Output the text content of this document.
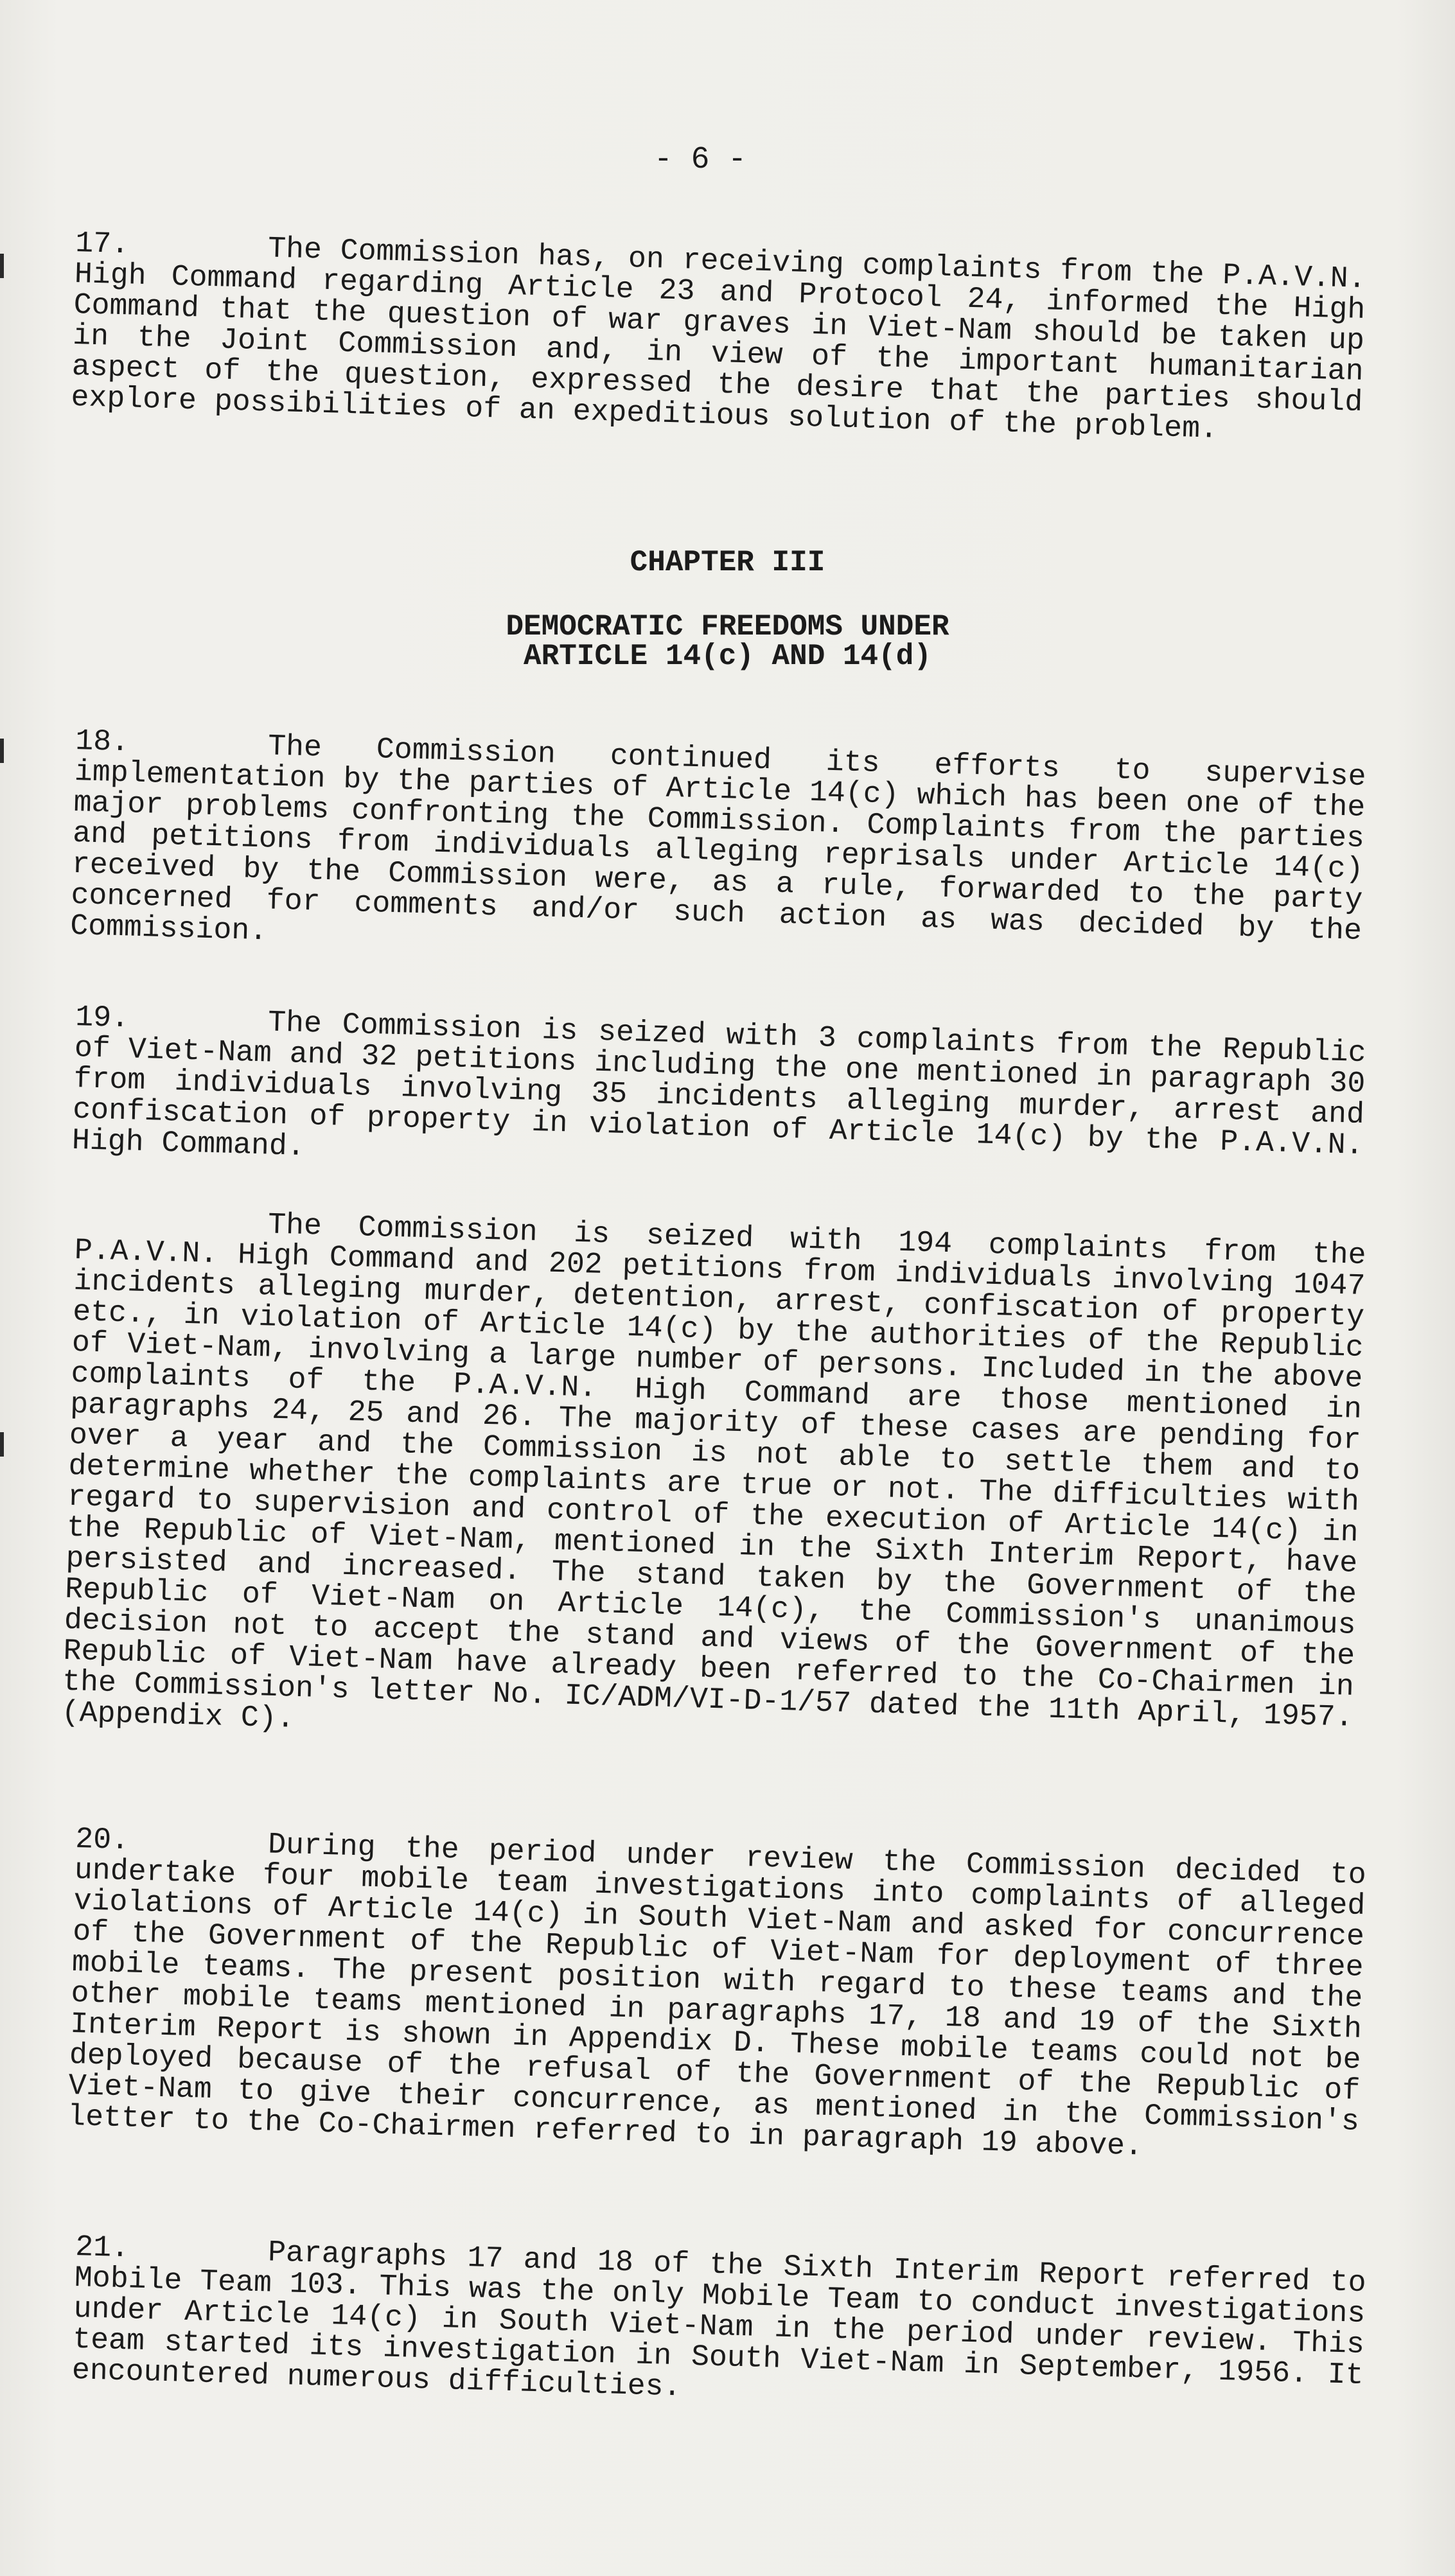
- 6 -

17.	The Commission has, on receiving complaints from the P.A.V.N. High Command regarding Article 23 and Protocol 24, informed the High Command that the question of war graves in Viet-Nam should be taken up in the Joint Commission and, in view of the important humanitarian aspect of the question, expressed the desire that the parties should explore possibilities of an expeditious solution of the problem.

CHAPTER III
DEMOCRATIC FREEDOMS UNDER
ARTICLE 14(c) AND 14(d)

18.	The Commission continued its efforts to supervise implementation by the parties of Article 14(c) which has been one of the major problems confronting the Commission. Complaints from the parties and petitions from individuals alleging reprisals under Article 14(c) received by the Commission were, as a rule, forwarded to the party concerned for comments and/or such action as was decided by the Commission.

19.	The Commission is seized with 3 complaints from the Republic of Viet-Nam and 32 petitions including the one mentioned in paragraph 30 from individuals involving 35 incidents alleging murder, arrest and confiscation of property in violation of Article 14(c) by the P.A.V.N. High Command.

The Commission is seized with 194 complaints from the P.A.V.N. High Command and 202 petitions from individuals involving 1047 incidents alleging murder, detention, arrest, confiscation of property etc., in violation of Article 14(c) by the authorities of the Republic of Viet-Nam, involving a large number of persons. Included in the above complaints of the P.A.V.N. High Command are those mentioned in paragraphs 24, 25 and 26. The majority of these cases are pending for over a year and the Commission is not able to settle them and to determine whether the complaints are true or not. The difficulties with regard to supervision and control of the execution of Article 14(c) in the Republic of Viet-Nam, mentioned in the Sixth Interim Report, have persisted and increased. The stand taken by the Government of the Republic of Viet-Nam on Article 14(c), the Commission's unanimous decision not to accept the stand and views of the Government of the Republic of Viet-Nam have already been referred to the Co-Chairmen in the Commission's letter No. IC/ADM/VI-D-1/57 dated the 11th April, 1957. (Appendix C).

20.	During the period under review the Commission decided to undertake four mobile team investigations into complaints of alleged violations of Article 14(c) in South Viet-Nam and asked for concurrence of the Government of the Republic of Viet-Nam for deployment of three mobile teams. The present position with regard to these teams and the other mobile teams mentioned in paragraphs 17, 18 and 19 of the Sixth Interim Report is shown in Appendix D. These mobile teams could not be deployed because of the refusal of the Government of the Republic of Viet-Nam to give their concurrence, as mentioned in the Commission's letter to the Co-Chairmen referred to in paragraph 19 above.

21.	Paragraphs 17 and 18 of the Sixth Interim Report referred to Mobile Team 103. This was the only Mobile Team to conduct investigations under Article 14(c) in South Viet-Nam in the period under review. This team started its investigation in South Viet-Nam in September, 1956. It encountered numerous difficulties.
